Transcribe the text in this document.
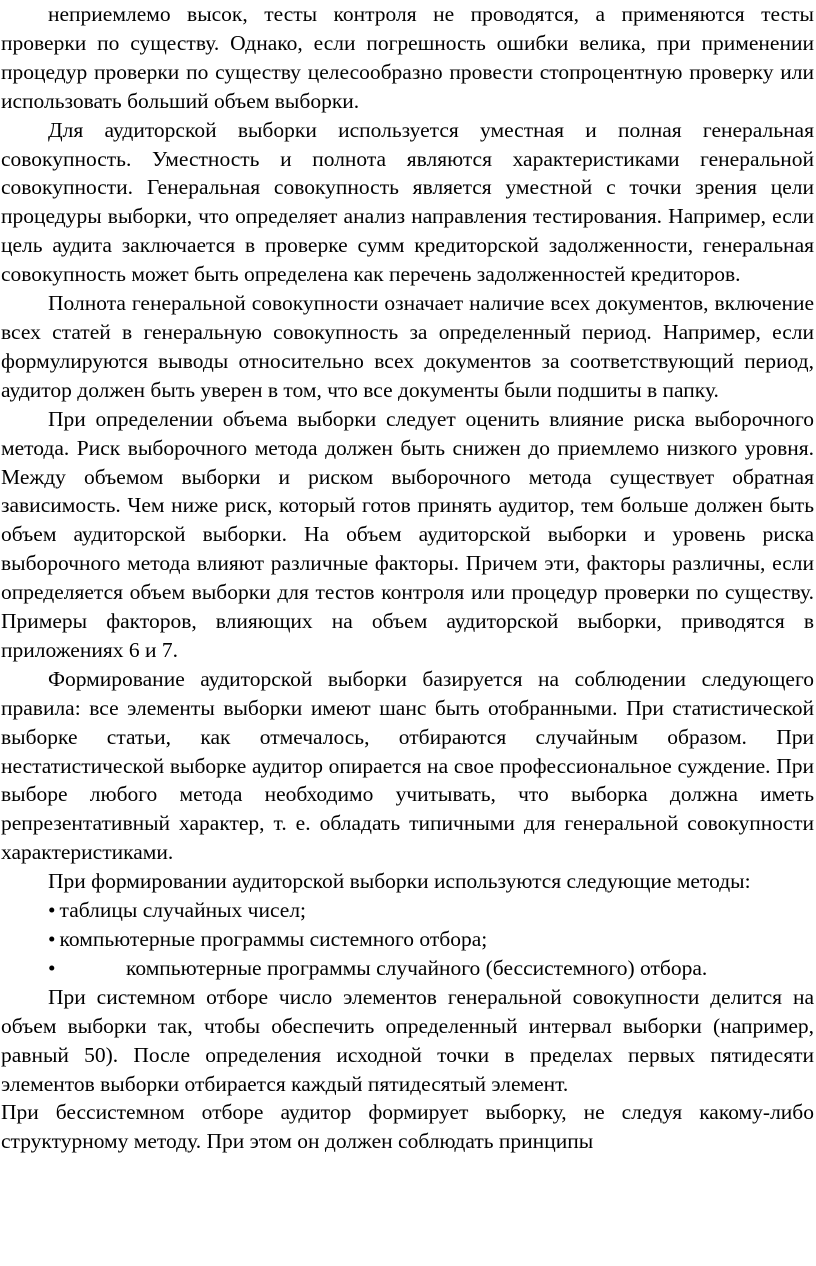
неприемлемо высок, тесты контроля не проводятся, а применяются тесты проверки по существу. Однако, если погрешность ошибки велика, при применении процедур проверки по существу целесообразно провести стопроцентную проверку или использовать больший объем выборки.

Для аудиторской выборки используется уместная и полная генеральная совокупность. Уместность и полнота являются характеристиками генеральной совокупности. Генеральная совокупность является уместной с точки зрения цели процедуры выборки, что определяет анализ направления тестирования. Например, если цель аудита заключается в проверке сумм кредиторской задолженности, генеральная совокупность может быть определена как перечень задолженностей кредиторов.

Полнота генеральной совокупности означает наличие всех документов, включение всех статей в генеральную совокупность за определенный период. Например, если формулируются выводы относительно всех документов за соответствующий период, аудитор должен быть уверен в том, что все документы были подшиты в папку.

При определении объема выборки следует оценить влияние риска выборочного метода. Риск выборочного метода должен быть снижен до приемлемо низкого уровня. Между объемом выборки и риском выборочного метода существует обратная зависимость. Чем ниже риск, который готов принять аудитор, тем больше должен быть объем аудиторской выборки. На объем аудиторской выборки и уровень риска выборочного метода влияют различные факторы. Причем эти, факторы различны, если определяется объем выборки для тестов контроля или процедур проверки по существу. Примеры факторов, влияющих на объем аудиторской выборки, приводятся в приложениях 6 и 7.

Формирование аудиторской выборки базируется на соблюдении следующего правила: все элементы выборки имеют шанс быть отобранными. При статистической выборке статьи, как отмечалось, отбираются случайным образом. При нестатистической выборке аудитор опирается на свое профессиональное суждение. При выборе любого метода необходимо учитывать, что выборка должна иметь репрезентативный характер, т. е. обладать типичными для генеральной совокупности характеристиками.

При формировании аудиторской выборки используются следующие методы:

• таблицы случайных чисел;
• компьютерные программы системного отбора;
•	компьютерные программы случайного (бессистемного) отбора.

При системном отборе число элементов генеральной совокупности делится на объем выборки так, чтобы обеспечить определенный интервал выборки (например, равный 50). После определения исходной точки в пределах первых пятидесяти элементов выборки отбирается каждый пятидесятый элемент.

При бессистемном отборе аудитор формирует выборку, не следуя какому-либо структурному методу. При этом он должен соблюдать принципы
